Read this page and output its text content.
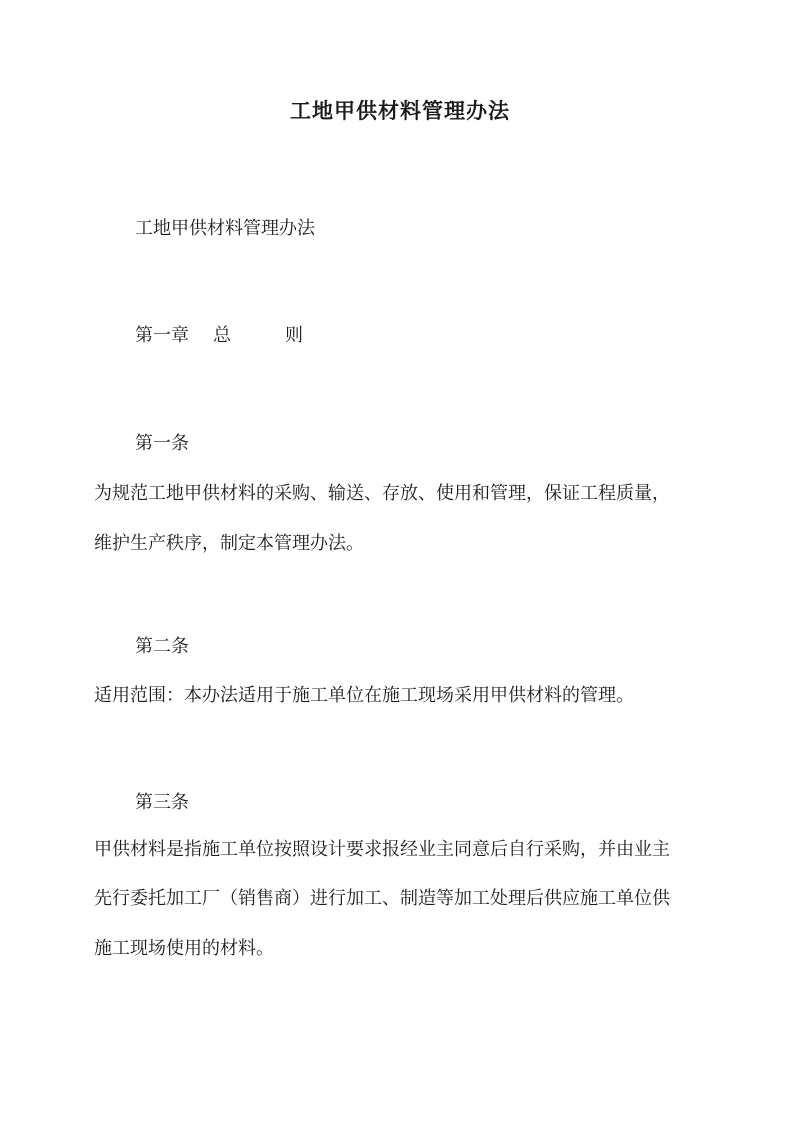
工地甲供材料管理办法

工地甲供材料管理办法

第一章 总	则

第一条

为规范工地甲供材料的采购、输送、存放、使用和管理，保证工程质量，

维护生产秩序，制定本管理办法。

第二条

适用范围：本办法适用于施工单位在施工现场采用甲供材料的管理。

第三条

甲供材料是指施工单位按照设计要求报经业主同意后自行采购，并由业主

先行委托加工厂（销售商）进行加工、制造等加工处理后供应施工单位供

施工现场使用的材料。
